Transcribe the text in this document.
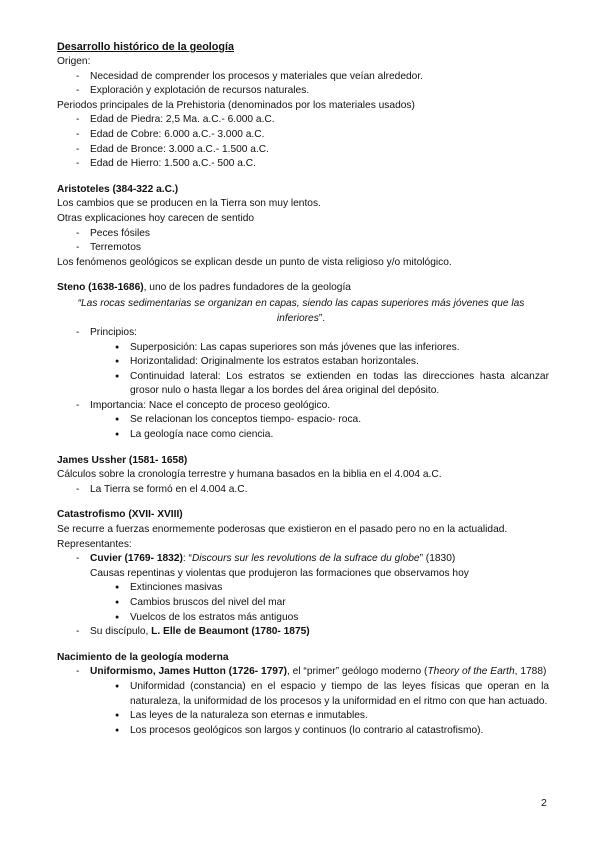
Desarrollo histórico de la geología
Origen:
- Necesidad de comprender los procesos y materiales que veían alrededor.
- Exploración y explotación de recursos naturales.
Periodos principales de la Prehistoria (denominados por los materiales usados)
- Edad de Piedra: 2,5 Ma. a.C.- 6.000 a.C.
- Edad de Cobre: 6.000 a.C.- 3.000 a.C.
- Edad de Bronce: 3.000 a.C.- 1.500 a.C.
- Edad de Hierro: 1.500 a.C.- 500 a.C.
Aristoteles (384-322 a.C.)
Los cambios que se producen en la Tierra son muy lentos.
Otras explicaciones hoy carecen de sentido
- Peces fósiles
- Terremotos
Los fenómenos geológicos se explican desde un punto de vista religioso y/o mitológico.
Steno (1638-1686), uno de los padres fundadores de la geología
“Las rocas sedimentarias se organizan en capas, siendo las capas superiores más jóvenes que las inferiores”.
- Principios:
● Superposición: Las capas superiores son más jóvenes que las inferiores.
● Horizontalidad: Originalmente los estratos estaban horizontales.
● Continuidad lateral: Los estratos se extienden en todas las direcciones hasta alcanzar grosor nulo o hasta llegar a los bordes del área original del depósito.
- Importancia: Nace el concepto de proceso geológico.
● Se relacionan los conceptos tiempo- espacio- roca.
● La geología nace como ciencia.
James Ussher (1581- 1658)
Cálculos sobre la cronología terrestre y humana basados en la biblia en el 4.004 a.C.
- La Tierra se formó en el 4.004 a.C.
Catastrofismo (XVII- XVIII)
Se recurre a fuerzas enormemente poderosas que existieron en el pasado pero no en la actualidad.
Representantes:
- Cuvier (1769- 1832): “Discours sur les revolutions de la sufrace du globe” (1830)
Causas repentinas y violentas que produjeron las formaciones que observamos hoy
● Extinciones masivas
● Cambios bruscos del nivel del mar
● Vuelcos de los estratos más antiguos
- Su discípulo, L. Elle de Beaumont (1780- 1875)
Nacimiento de la geología moderna
- Uniformismo, James Hutton (1726- 1797), el “primer” geólogo moderno (Theory of the Earth, 1788)
● Uniformidad (constancia) en el espacio y tiempo de las leyes físicas que operan en la naturaleza, la uniformidad de los procesos y la uniformidad en el ritmo con que han actuado.
● Las leyes de la naturaleza son eternas e inmutables.
● Los procesos geológicos son largos y continuos (lo contrario al catastrofismo).
2
